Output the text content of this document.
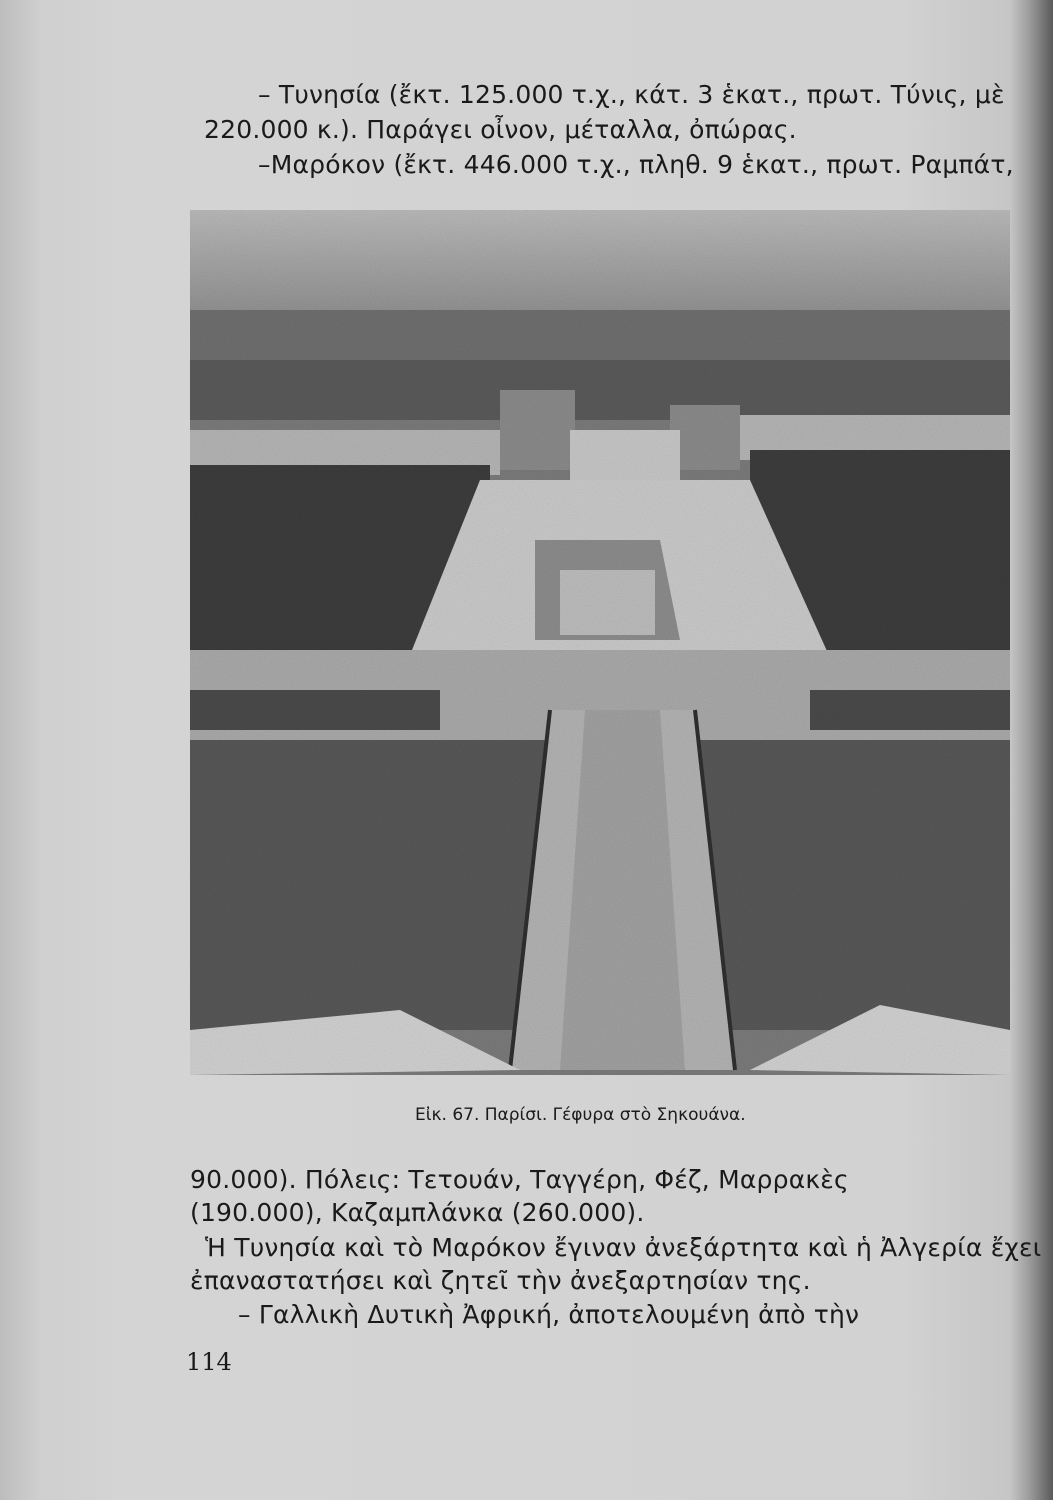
– Τυνησία (ἔκτ. 125.000 τ.χ., κάτ. 3 ἑκατ., πρωτ. Τύνις, μὲ
220.000 κ.). Παράγει οἶνον, μέταλλα, ὀπώρας.
–Μαρόκον (ἔκτ. 446.000 τ.χ., πληθ. 9 ἑκατ., πρωτ. Ραμπάτ,
Εἰκ. 67. Παρίσι. Γέφυρα στὸ Σηκουάνα.
90.000). Πόλεις: Τετουάν, Ταγγέρη, Φέζ, Μαρρακὲς
(190.000), Καζαμπλάνκα (260.000).
Ἡ Τυνησία καὶ τὸ Μαρόκον ἔγιναν ἀνεξάρτητα καὶ ἡ Ἀλγερία ἔχει
ἐπαναστατήσει καὶ ζητεῖ τὴν ἀνεξαρτησίαν της.
– Γαλλικὴ Δυτικὴ Ἀφρική, ἀποτελουμένη ἀπὸ τὴν
114
